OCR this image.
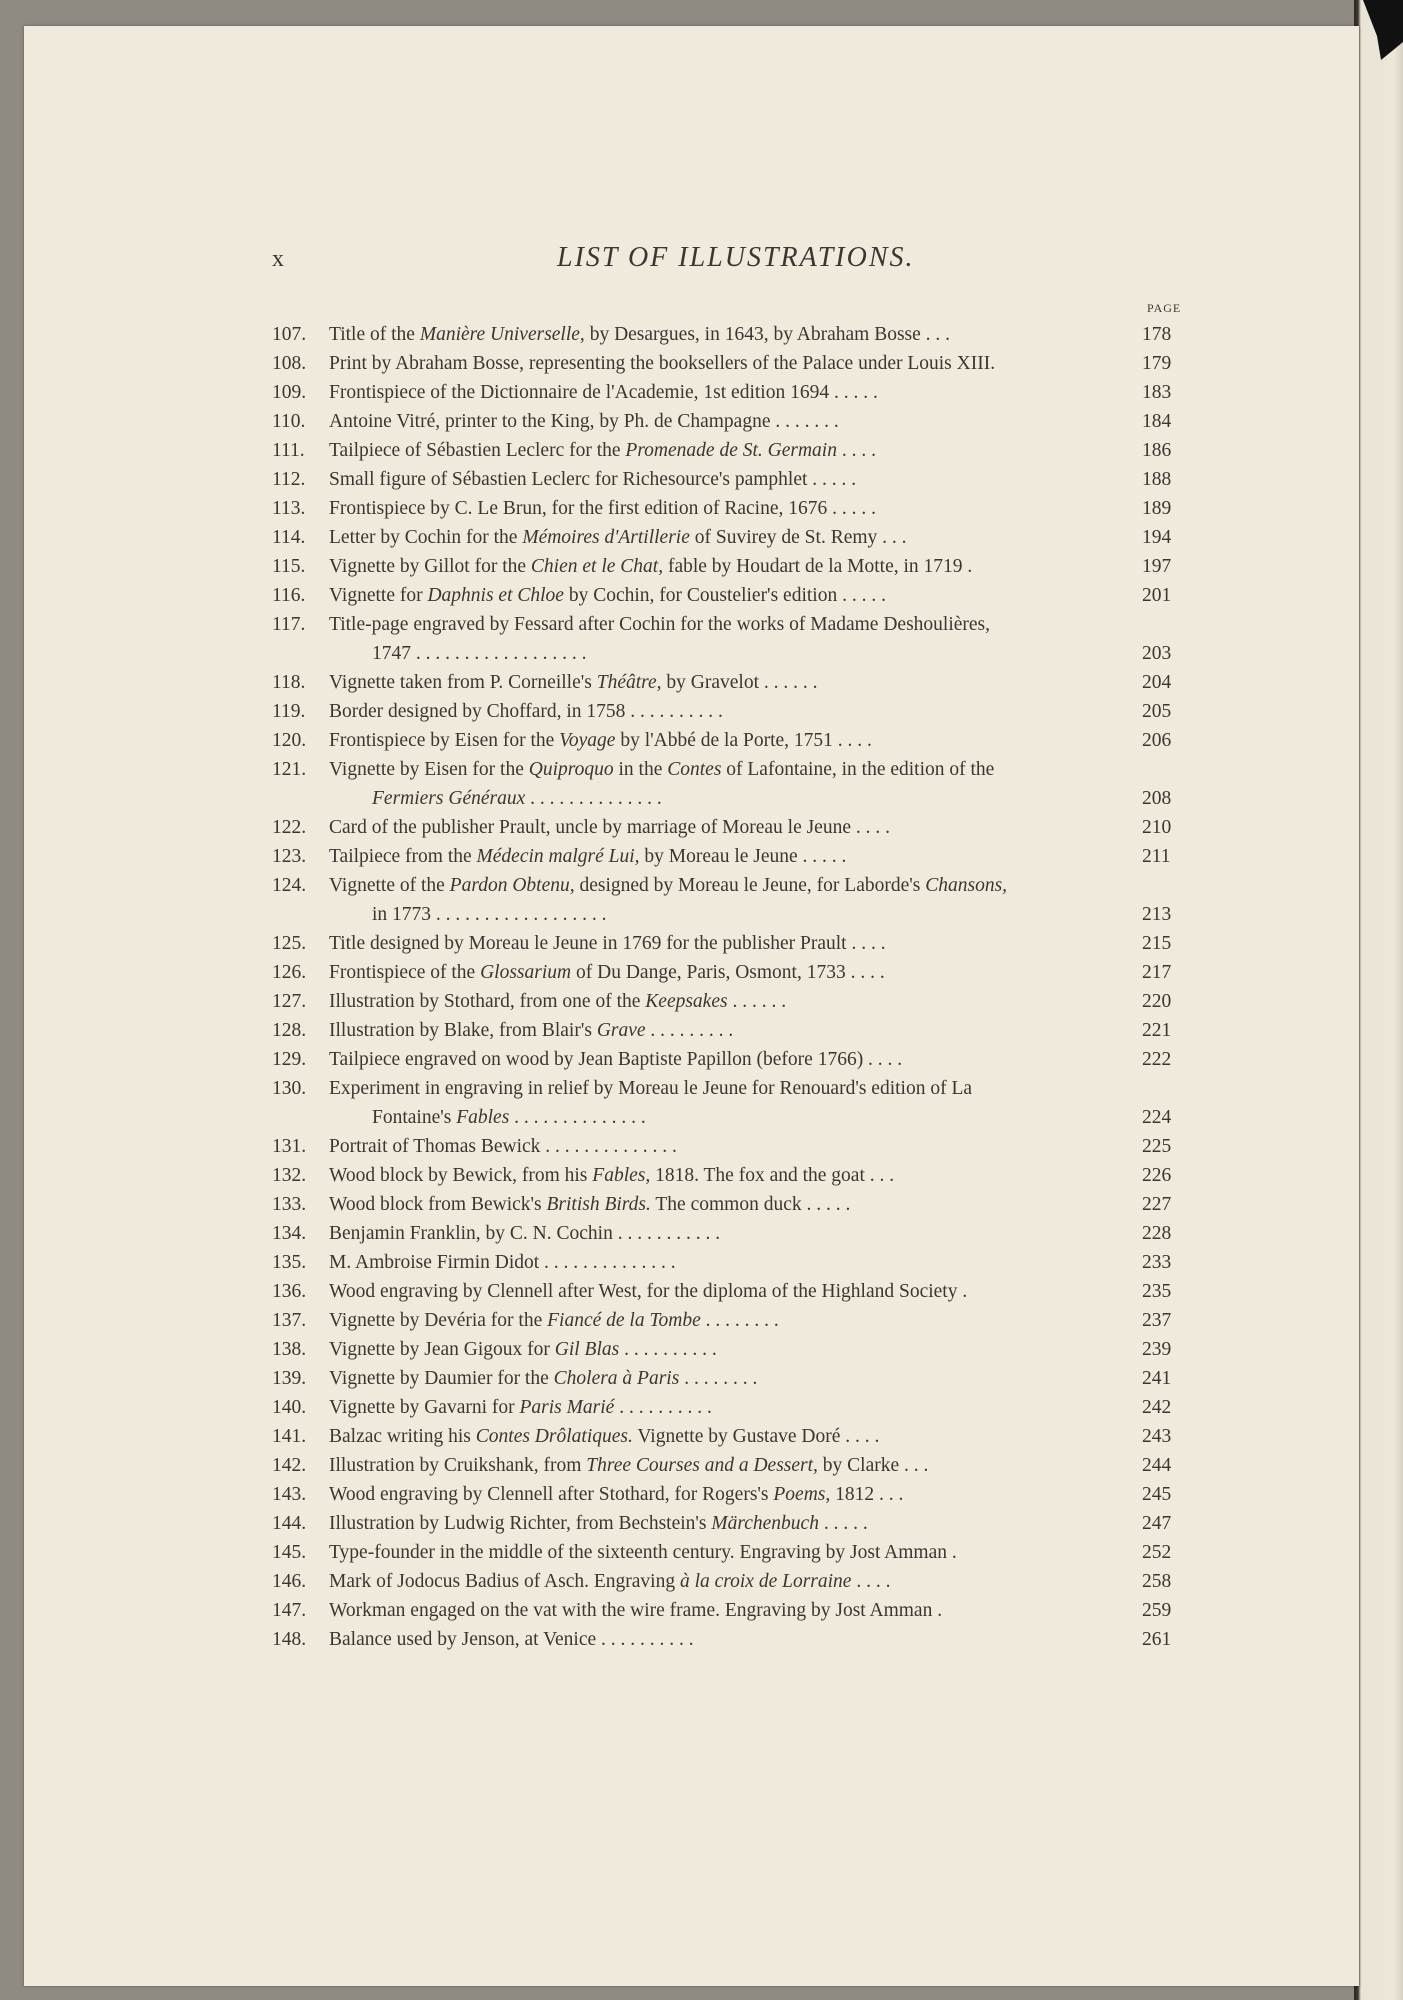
x	LIST OF ILLUSTRATIONS.
PAGE
107.	Title of the Manière Universelle, by Desargues, in 1643, by Abraham Bosse . . .	178
108.	Print by Abraham Bosse, representing the booksellers of the Palace under Louis XIII.	179
109.	Frontispiece of the Dictionnaire de l'Academie, 1st edition 1694 . . . . .	183
110.	Antoine Vitré, printer to the King, by Ph. de Champagne . . . . . . .	184
111.	Tailpiece of Sébastien Leclerc for the Promenade de St. Germain . . . .	186
112.	Small figure of Sébastien Leclerc for Richesource's pamphlet . . . . .	188
113.	Frontispiece by C. Le Brun, for the first edition of Racine, 1676 . . . . .	189
114.	Letter by Cochin for the Mémoires d'Artillerie of Suvirey de St. Remy . . .	194
115.	Vignette by Gillot for the Chien et le Chat, fable by Houdart de la Motte, in 1719 .	197
116.	Vignette for Daphnis et Chloe by Cochin, for Coustelier's edition . . . . .	201
117.	Title-page engraved by Fessard after Cochin for the works of Madame Deshoulières,
1747 . . . . . . . . . . . . . . . . . .	203
118.	Vignette taken from P. Corneille's Théâtre, by Gravelot . . . . . .	204
119.	Border designed by Choffard, in 1758 . . . . . . . . . .	205
120.	Frontispiece by Eisen for the Voyage by l'Abbé de la Porte, 1751 . . . .	206
121.	Vignette by Eisen for the Quiproquo in the Contes of Lafontaine, in the edition of the
Fermiers Généraux . . . . . . . . . . . . . .	208
122.	Card of the publisher Prault, uncle by marriage of Moreau le Jeune . . . .	210
123.	Tailpiece from the Médecin malgré Lui, by Moreau le Jeune . . . . .	211
124.	Vignette of the Pardon Obtenu, designed by Moreau le Jeune, for Laborde's Chansons,
in 1773 . . . . . . . . . . . . . . . . . .	213
125.	Title designed by Moreau le Jeune in 1769 for the publisher Prault . . . .	215
126.	Frontispiece of the Glossarium of Du Dange, Paris, Osmont, 1733 . . . .	217
127.	Illustration by Stothard, from one of the Keepsakes . . . . . .	220
128.	Illustration by Blake, from Blair's Grave . . . . . . . . .	221
129.	Tailpiece engraved on wood by Jean Baptiste Papillon (before 1766) . . . .	222
130.	Experiment in engraving in relief by Moreau le Jeune for Renouard's edition of La
Fontaine's Fables . . . . . . . . . . . . . .	224
131.	Portrait of Thomas Bewick . . . . . . . . . . . . . .	225
132.	Wood block by Bewick, from his Fables, 1818. The fox and the goat . . .	226
133.	Wood block from Bewick's British Birds. The common duck . . . . .	227
134.	Benjamin Franklin, by C. N. Cochin . . . . . . . . . . .	228
135.	M. Ambroise Firmin Didot . . . . . . . . . . . . . .	233
136.	Wood engraving by Clennell after West, for the diploma of the Highland Society .	235
137.	Vignette by Devéria for the Fiancé de la Tombe . . . . . . . .	237
138.	Vignette by Jean Gigoux for Gil Blas . . . . . . . . . .	239
139.	Vignette by Daumier for the Cholera à Paris . . . . . . . .	241
140.	Vignette by Gavarni for Paris Marié . . . . . . . . . .	242
141.	Balzac writing his Contes Drôlatiques. Vignette by Gustave Doré . . . .	243
142.	Illustration by Cruikshank, from Three Courses and a Dessert, by Clarke . . .	244
143.	Wood engraving by Clennell after Stothard, for Rogers's Poems, 1812 . . .	245
144.	Illustration by Ludwig Richter, from Bechstein's Märchenbuch . . . . .	247
145.	Type-founder in the middle of the sixteenth century. Engraving by Jost Amman .	252
146.	Mark of Jodocus Badius of Asch. Engraving à la croix de Lorraine . . . .	258
147.	Workman engaged on the vat with the wire frame. Engraving by Jost Amman .	259
148.	Balance used by Jenson, at Venice . . . . . . . . . .	261
